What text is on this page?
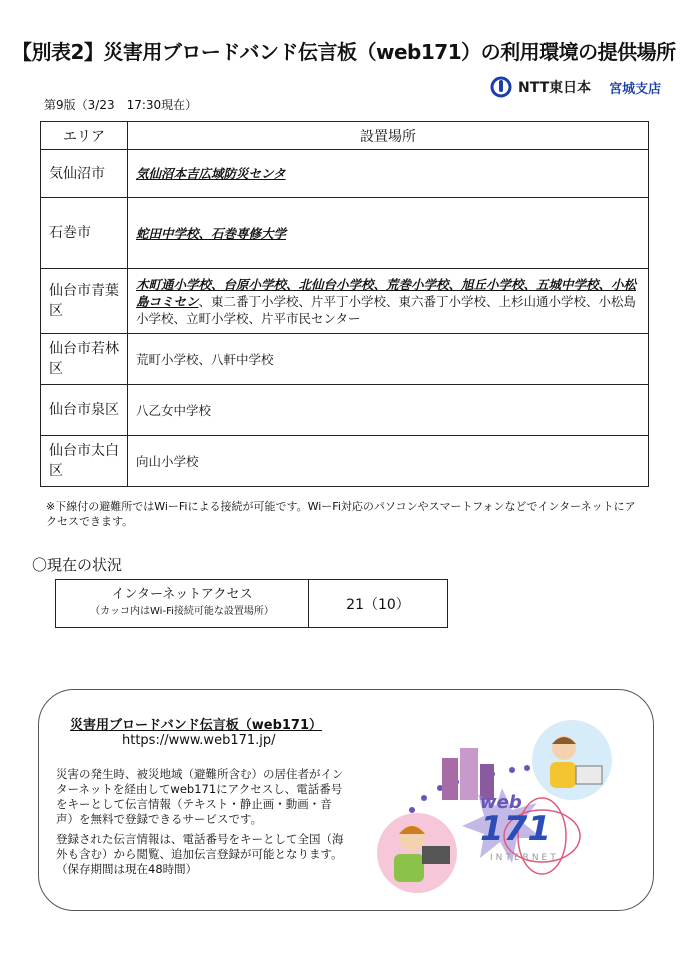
【別表2】災害用ブロードバンド伝言板（web171）の利用環境の提供場所
NTT東日本 宮城支店
第9版（3/23　17:30現在）
エリア	設置場所
気仙沼市	気仙沼本吉広域防災センタ
石巻市	蛇田中学校、石巻専修大学
仙台市青葉区	木町通小学校、台原小学校、北仙台小学校、荒巻小学校、旭丘小学校、五城中学校、小松島コミセン、東二番丁小学校、片平丁小学校、東六番丁小学校、上杉山通小学校、小松島小学校、立町小学校、片平市民センター
仙台市若林区	荒町小学校、八軒中学校
仙台市泉区	八乙女中学校
仙台市太白区	向山小学校
※下線付の避難所ではWiーFiによる接続が可能です。WiーFi対応のパソコンやスマートフォンなどでインターネットにアクセスできます。
〇現在の状況
インターネットアクセス
（カッコ内はWi-Fi接続可能な設置場所）	21（10）
災害用ブロードバンド伝言板（web171）
https://www.web171.jp/
災害の発生時、被災地域（避難所含む）の居住者がインターネットを経由してweb171にアクセスし、電話番号をキーとして伝言情報（テキスト・静止画・動画・音声）を無料で登録できるサービスです。
登録された伝言情報は、電話番号をキーとして全国（海外も含む）から閲覧、追加伝言登録が可能となります。（保存期間は現在48時間）
web
171
INTERNET
